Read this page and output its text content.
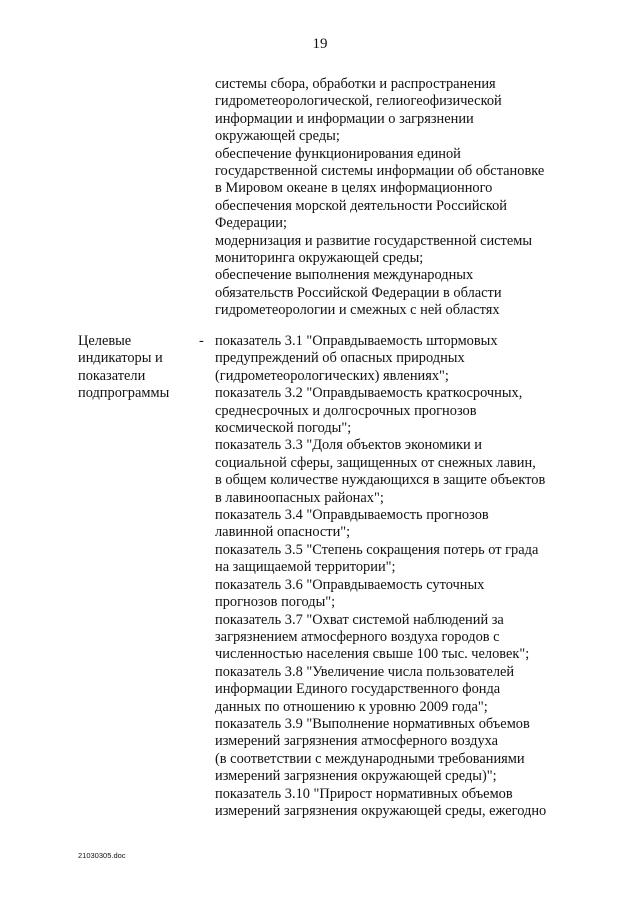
19
системы сбора, обработки и распространения
гидрометеорологической, гелиогеофизической
информации и информации о загрязнении
окружающей среды;
обеспечение функционирования единой
государственной системы информации об обстановке
в Мировом океане в целях информационного
обеспечения морской деятельности Российской
Федерации;
модернизация и развитие государственной системы
мониторинга окружающей среды;
обеспечение выполнения международных
обязательств Российской Федерации в области
гидрометеорологии и смежных с ней областях
Целевые
индикаторы и
показатели
подпрограммы
- показатель 3.1 "Оправдываемость штормовых
предупреждений об опасных природных
(гидрометеорологических) явлениях";
показатель 3.2 "Оправдываемость краткосрочных,
среднесрочных и долгосрочных прогнозов
космической погоды";
показатель 3.3 "Доля объектов экономики и
социальной сферы, защищенных от снежных лавин,
в общем количестве нуждающихся в защите объектов
в лавиноопасных районах";
показатель 3.4 "Оправдываемость прогнозов
лавинной опасности";
показатель 3.5 "Степень сокращения потерь от града
на защищаемой территории";
показатель 3.6 "Оправдываемость суточных
прогнозов погоды";
показатель 3.7 "Охват системой наблюдений за
загрязнением атмосферного воздуха городов с
численностью населения свыше 100 тыс. человек";
показатель 3.8 "Увеличение числа пользователей
информации Единого государственного фонда
данных по отношению к уровню 2009 года";
показатель 3.9 "Выполнение нормативных объемов
измерений загрязнения атмосферного воздуха
(в соответствии с международными требованиями
измерений загрязнения окружающей среды)";
показатель 3.10 "Прирост нормативных объемов
измерений загрязнения окружающей среды, ежегодно
21030305.doc
